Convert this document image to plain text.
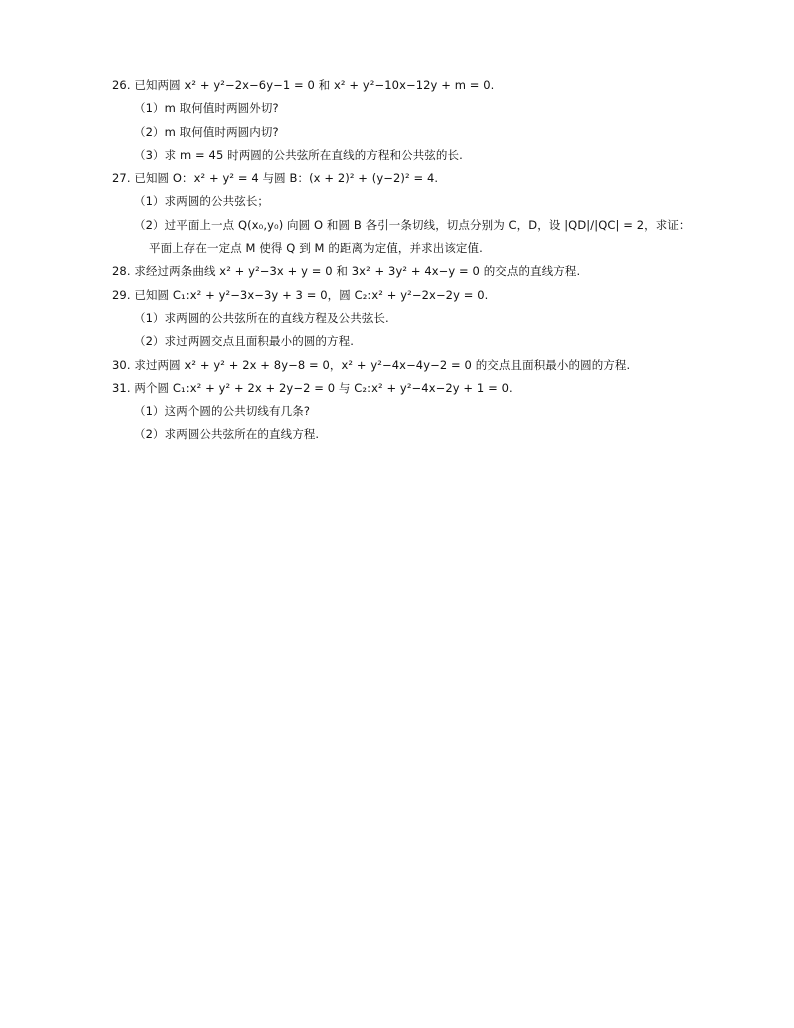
26. 已知两圆 x² + y²−2x−6y−1 = 0 和 x² + y²−10x−12y + m = 0.
（1）m 取何值时两圆外切?
（2）m 取何值时两圆内切?
（3）求 m = 45 时两圆的公共弦所在直线的方程和公共弦的长.
27. 已知圆 O：x² + y² = 4 与圆 B：(x + 2)² + (y−2)² = 4.
（1）求两圆的公共弦长；
（2）过平面上一点 Q(x₀,y₀) 向圆 O 和圆 B 各引一条切线，切点分别为 C，D，设 |QD|/|QC| = 2，求证：
平面上存在一定点 M 使得 Q 到 M 的距离为定值，并求出该定值.
28. 求经过两条曲线 x² + y²−3x + y = 0 和 3x² + 3y² + 4x−y = 0 的交点的直线方程.
29. 已知圆 C₁:x² + y²−3x−3y + 3 = 0，圆 C₂:x² + y²−2x−2y = 0.
（1）求两圆的公共弦所在的直线方程及公共弦长.
（2）求过两圆交点且面积最小的圆的方程.
30. 求过两圆 x² + y² + 2x + 8y−8 = 0，x² + y²−4x−4y−2 = 0 的交点且面积最小的圆的方程.
31. 两个圆 C₁:x² + y² + 2x + 2y−2 = 0 与 C₂:x² + y²−4x−2y + 1 = 0.
（1）这两个圆的公共切线有几条?
（2）求两圆公共弦所在的直线方程.
